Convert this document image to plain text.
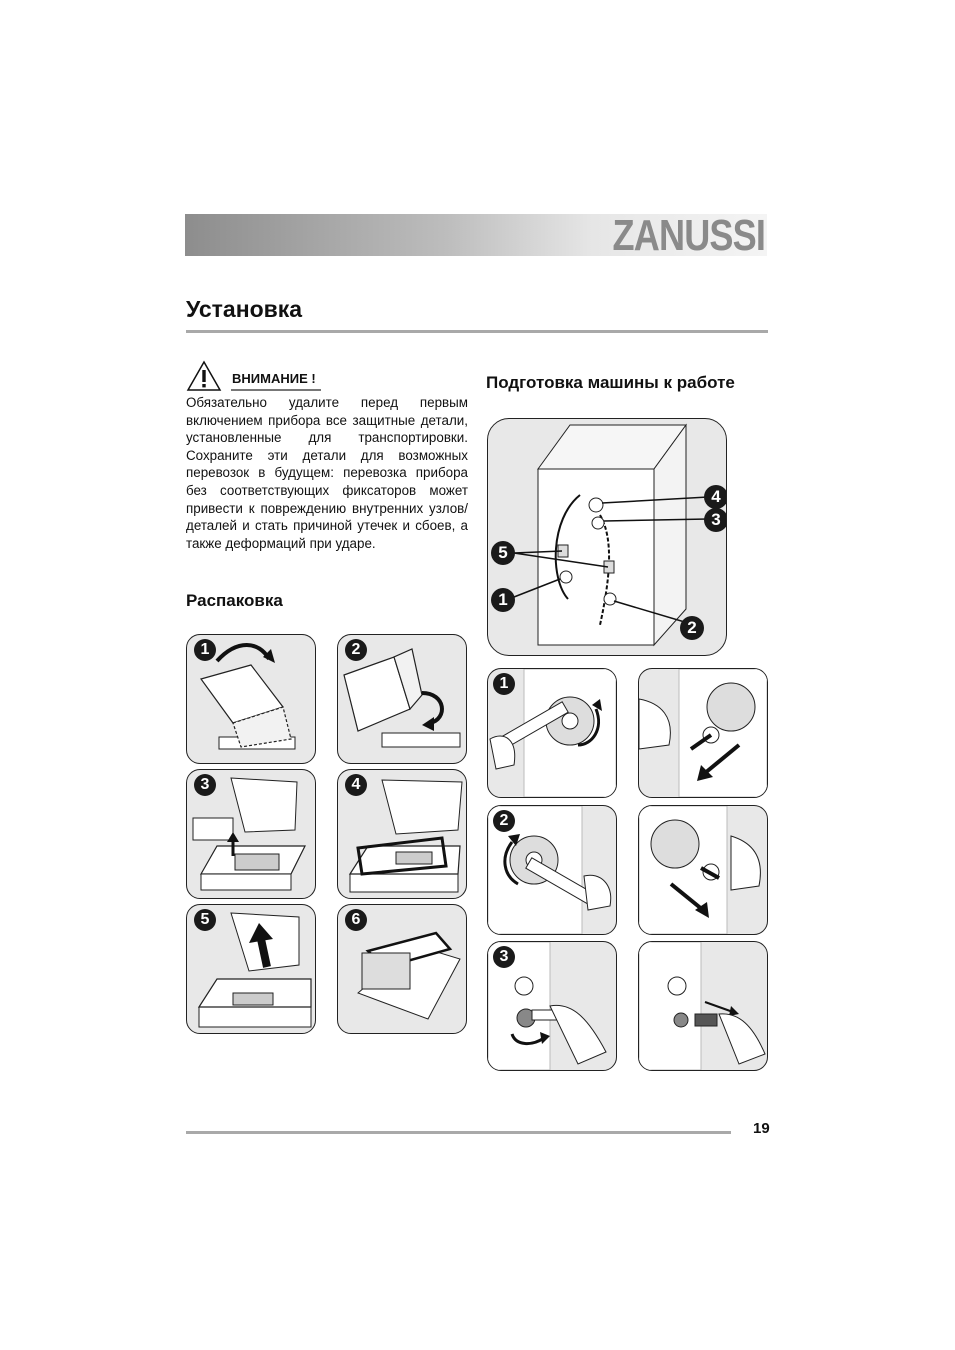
ZANUSSI
Установка
ВНИМАНИЕ !
Обязательно удалите перед первым включением прибора все защитные детали, установленные для транспортировки. Сохраните эти детали для возможных перевозок в будущем: перевозка прибора без соответствующих фиксаторов может привести к повреждению внутренних узлов/деталей и стать причиной утечек и сбоев, а также деформаций при ударе.
Распаковка
Подготовка машины к работе
1	2
3	4
5	6
4
3
5
1
2
1
2
3
19
